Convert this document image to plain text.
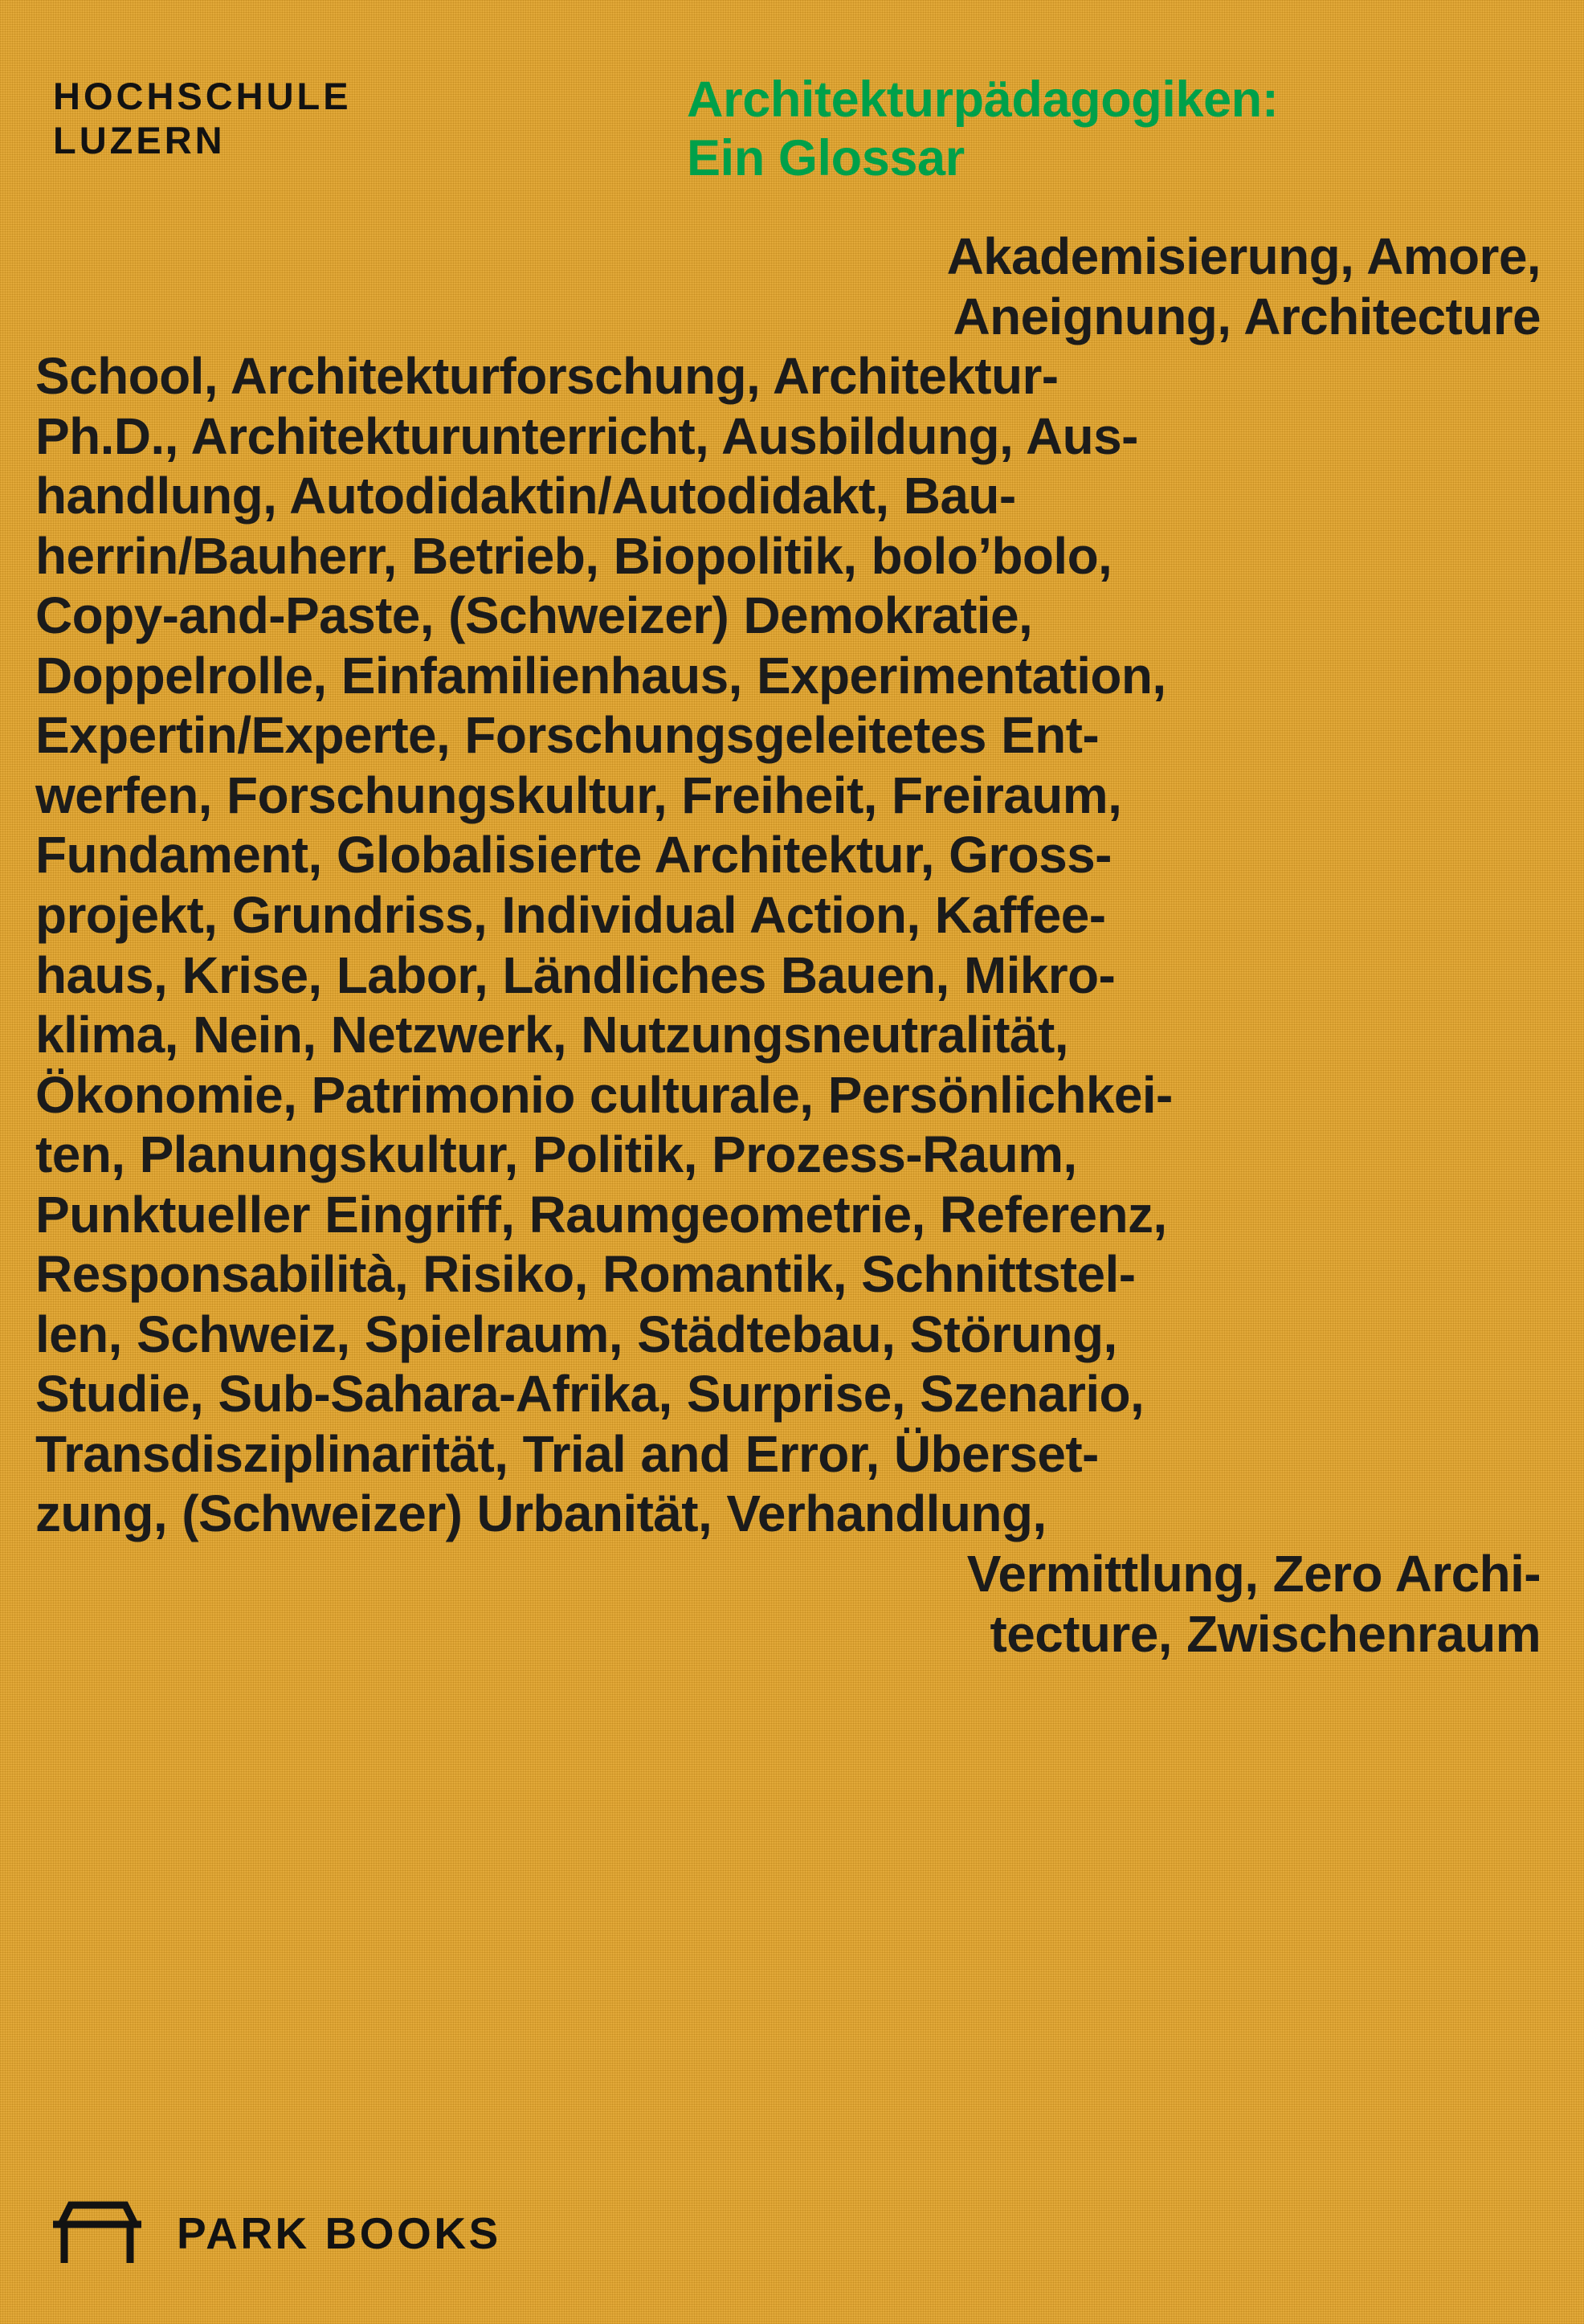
HOCHSCHULE
LUZERN
Architekturpädagogiken:
Ein Glossar
Akademisierung, Amore,
Aneignung, Architecture
School, Architekturforschung, Architektur-
Ph.D., Architekturunterricht, Ausbildung, Aus-
handlung, Autodidaktin/Autodidakt, Bau-
herrin/Bauherr, Betrieb, Biopolitik, bolo’bolo,
Copy-and-Paste, (Schweizer) Demokratie,
Doppelrolle, Einfamilienhaus, Experimentation,
Expertin/Experte, Forschungsgeleitetes Ent-
werfen, Forschungskultur, Freiheit, Freiraum,
Fundament, Globalisierte Architektur, Gross-
projekt, Grundriss, Individual Action, Kaffee-
haus, Krise, Labor, Ländliches Bauen, Mikro-
klima, Nein, Netzwerk, Nutzungsneutralität,
Ökonomie, Patrimonio culturale, Persönlichkei-
ten, Planungskultur, Politik, Prozess-Raum,
Punktueller Eingriff, Raumgeometrie, Referenz,
Responsabilità, Risiko, Romantik, Schnittstel-
len, Schweiz, Spielraum, Städtebau, Störung,
Studie, Sub-Sahara-Afrika, Surprise, Szenario,
Transdisziplinarität, Trial and Error, Überset-
zung, (Schweizer) Urbanität, Verhandlung,
Vermittlung, Zero Archi-
tecture, Zwischenraum
PARK BOOKS
